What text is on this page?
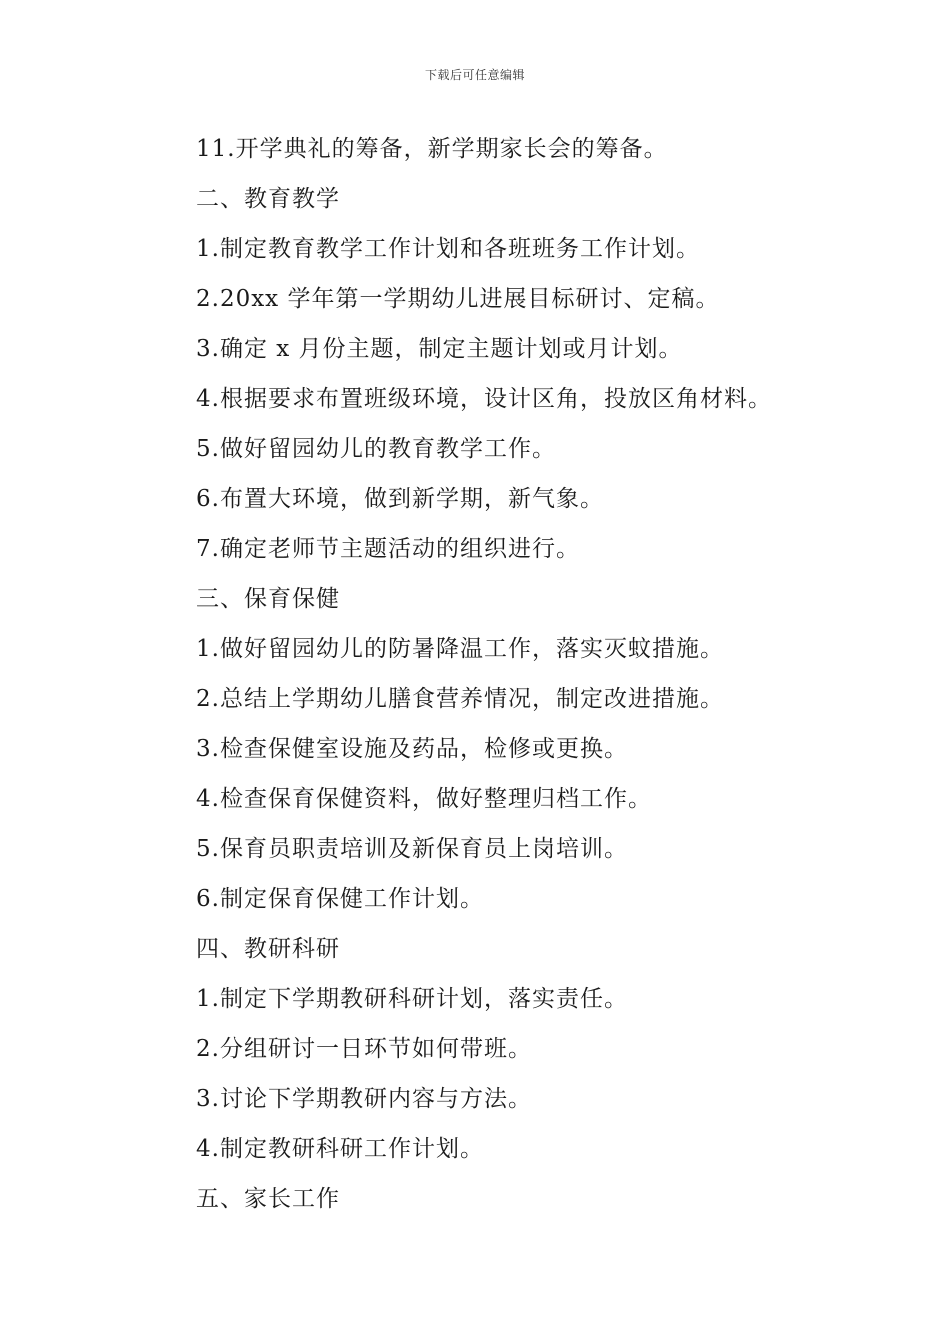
下载后可任意编辑
11.开学典礼的筹备，新学期家长会的筹备。
二、教育教学
1.制定教育教学工作计划和各班班务工作计划。
2.20xx 学年第一学期幼儿进展目标研讨、定稿。
3.确定 x 月份主题，制定主题计划或月计划。
4.根据要求布置班级环境，设计区角，投放区角材料。
5.做好留园幼儿的教育教学工作。
6.布置大环境，做到新学期，新气象。
7.确定老师节主题活动的组织进行。
三、保育保健
1.做好留园幼儿的防暑降温工作，落实灭蚊措施。
2.总结上学期幼儿膳食营养情况，制定改进措施。
3.检查保健室设施及药品，检修或更换。
4.检查保育保健资料，做好整理归档工作。
5.保育员职责培训及新保育员上岗培训。
6.制定保育保健工作计划。
四、教研科研
1.制定下学期教研科研计划，落实责任。
2.分组研讨一日环节如何带班。
3.讨论下学期教研内容与方法。
4.制定教研科研工作计划。
五、家长工作
